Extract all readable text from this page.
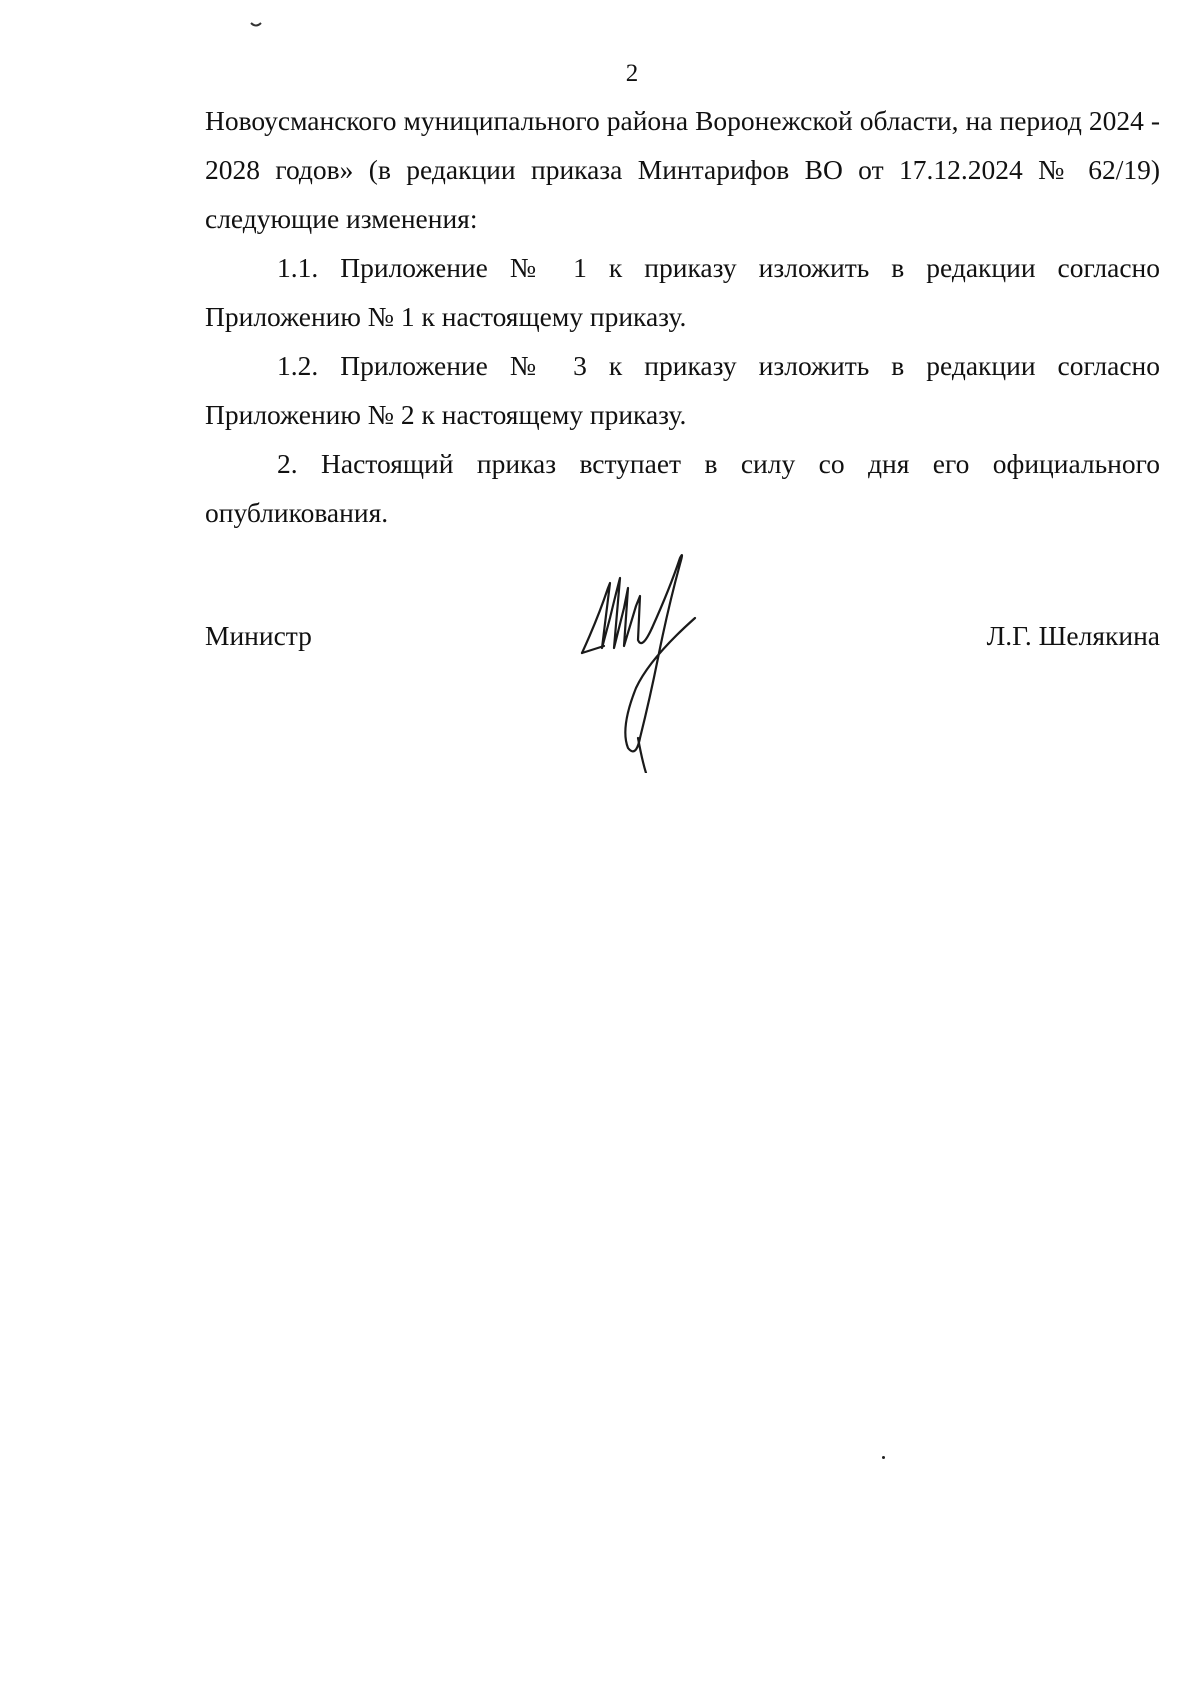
2

Новоусманского муниципального района Воронежской области, на период 2024 - 2028 годов» (в редакции приказа Минтарифов ВО от 17.12.2024 № 62/19) следующие изменения:

1.1. Приложение № 1 к приказу изложить в редакции согласно Приложению № 1 к настоящему приказу.

1.2. Приложение № 3 к приказу изложить в редакции согласно Приложению № 2 к настоящему приказу.

2. Настоящий приказ вступает в силу со дня его официального опубликования.

Министр	Л.Г. Шелякина
